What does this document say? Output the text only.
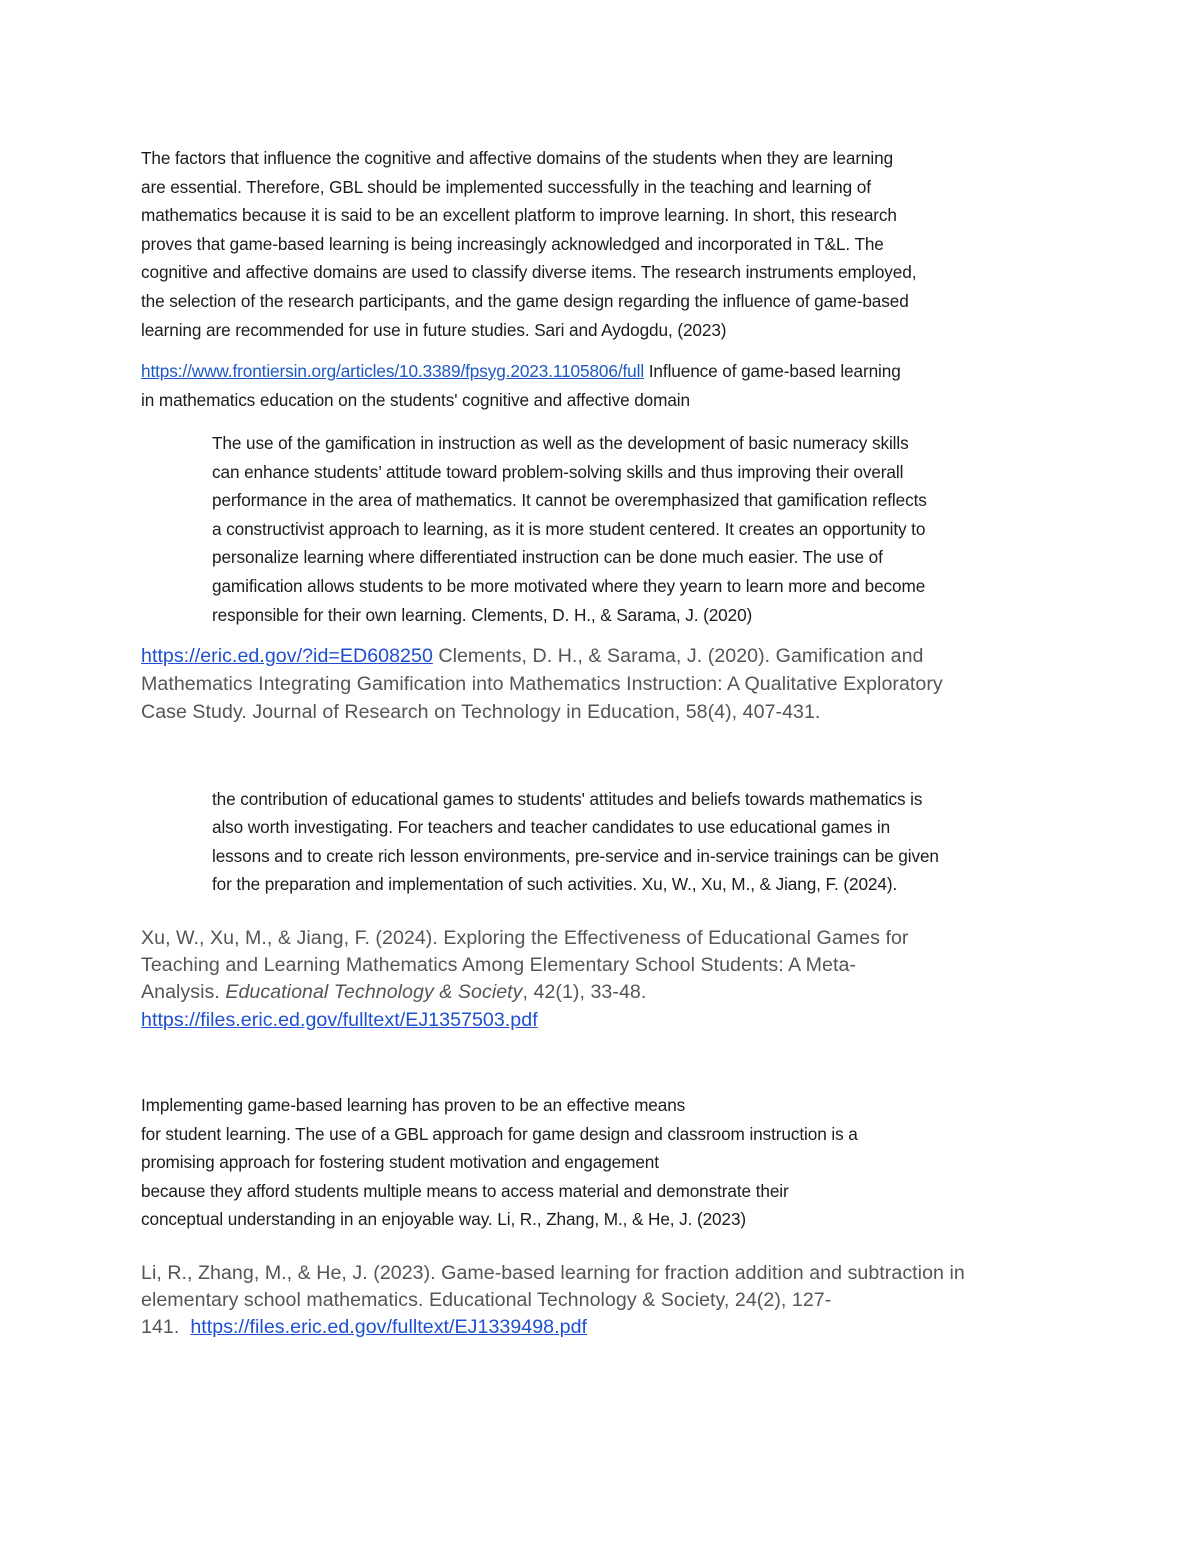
The factors that influence the cognitive and affective domains of the students when they are learning
are essential. Therefore, GBL should be implemented successfully in the teaching and learning of
mathematics because it is said to be an excellent platform to improve learning. In short, this research
proves that game-based learning is being increasingly acknowledged and incorporated in T&L. The
cognitive and affective domains are used to classify diverse items. The research instruments employed,
the selection of the research participants, and the game design regarding the influence of game-based
learning are recommended for use in future studies. Sari and Aydogdu, (2023)
https://www.frontiersin.org/articles/10.3389/fpsyg.2023.1105806/full Influence of game-based learning
in mathematics education on the students' cognitive and affective domain
The use of the gamification in instruction as well as the development of basic numeracy skills
can enhance students’ attitude toward problem-solving skills and thus improving their overall
performance in the area of mathematics. It cannot be overemphasized that gamification reflects
a constructivist approach to learning, as it is more student centered. It creates an opportunity to
personalize learning where differentiated instruction can be done much easier. The use of
gamification allows students to be more motivated where they yearn to learn more and become
responsible for their own learning. Clements, D. H., & Sarama, J. (2020)
https://eric.ed.gov/?id=ED608250 Clements, D. H., & Sarama, J. (2020). Gamification and
Mathematics Integrating Gamification into Mathematics Instruction: A Qualitative Exploratory
Case Study. Journal of Research on Technology in Education, 58(4), 407-431.
the contribution of educational games to students' attitudes and beliefs towards mathematics is
also worth investigating. For teachers and teacher candidates to use educational games in
lessons and to create rich lesson environments, pre-service and in-service trainings can be given
for the preparation and implementation of such activities. Xu, W., Xu, M., & Jiang, F. (2024).
Xu, W., Xu, M., & Jiang, F. (2024). Exploring the Effectiveness of Educational Games for
Teaching and Learning Mathematics Among Elementary School Students: A Meta-
Analysis. Educational Technology & Society, 42(1), 33-48.
https://files.eric.ed.gov/fulltext/EJ1357503.pdf
Implementing game-based learning has proven to be an effective means
for student learning. The use of a GBL approach for game design and classroom instruction is a
promising approach for fostering student motivation and engagement
because they afford students multiple means to access material and demonstrate their
conceptual understanding in an enjoyable way. Li, R., Zhang, M., & He, J. (2023)
Li, R., Zhang, M., & He, J. (2023). Game-based learning for fraction addition and subtraction in
elementary school mathematics. Educational Technology & Society, 24(2), 127-
141.  https://files.eric.ed.gov/fulltext/EJ1339498.pdf
